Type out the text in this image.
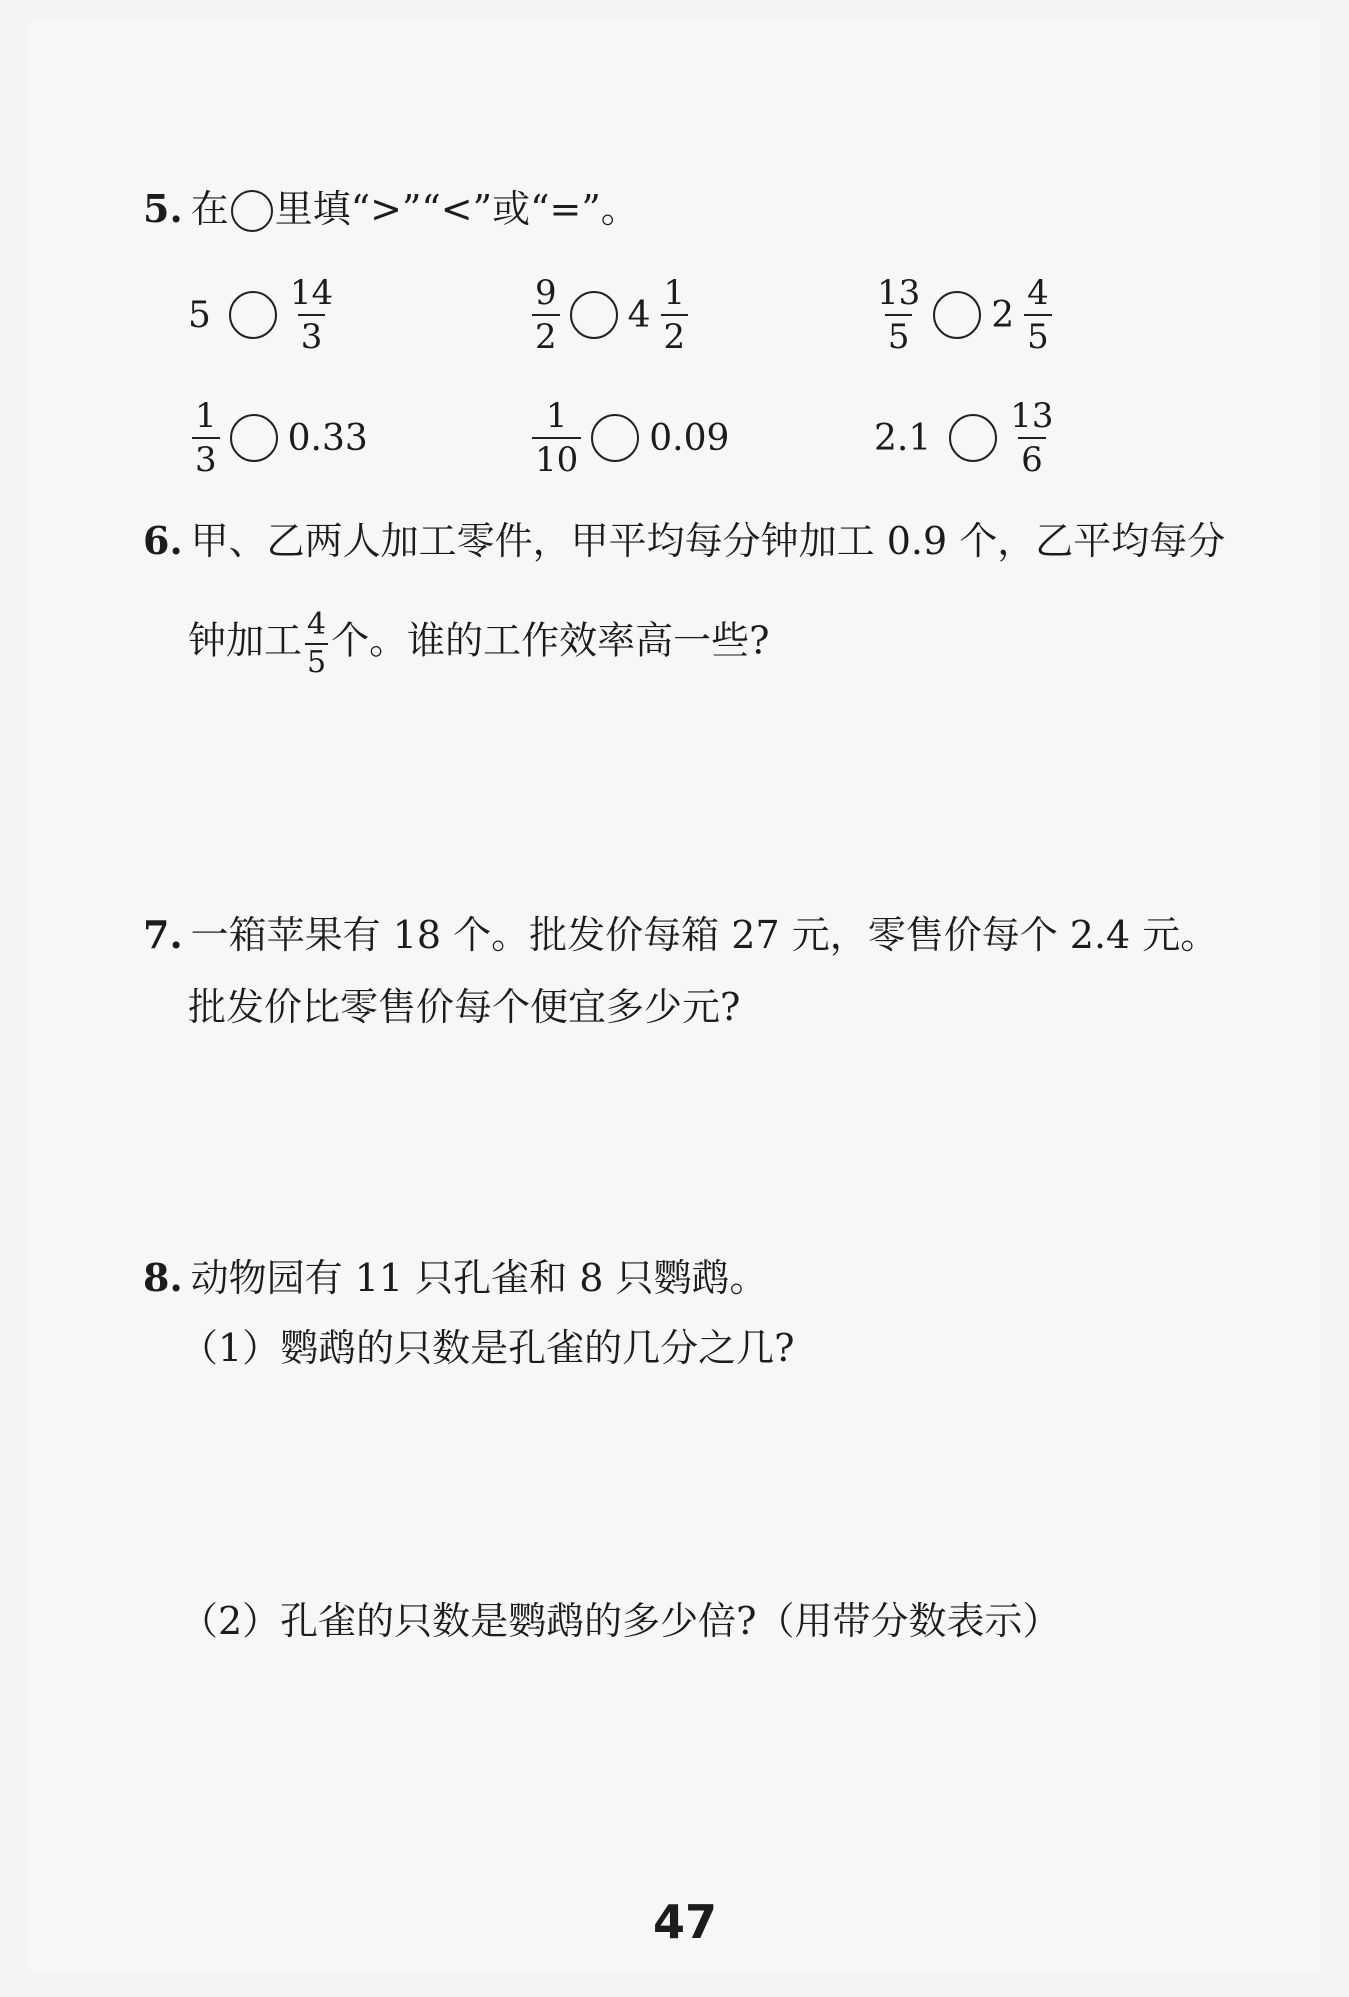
5. 在 里填“>”“<”或“=”。
$5 \frac{14}{3}$	$\frac{9}{2} 4 \frac{1}{2}$	$\frac{13}{5} 2 \frac{4}{5}$
$\frac{1}{3} 0.33$	$\frac{1}{10} 0.09$	$2.1 \frac{13}{6}$
6. 甲、乙两人加工零件，甲平均每分钟加工 0.9 个，乙平均每分
钟加工 $\frac{4}{5}$ 个。谁的工作效率高一些?
7. 一箱苹果有 18 个。批发价每箱 27 元，零售价每个 2.4 元。
批发价比零售价每个便宜多少元?
8. 动物园有 11 只孔雀和 8 只鹦鹉。
（1）鹦鹉的只数是孔雀的几分之几?
（2）孔雀的只数是鹦鹉的多少倍?（用带分数表示）
47
